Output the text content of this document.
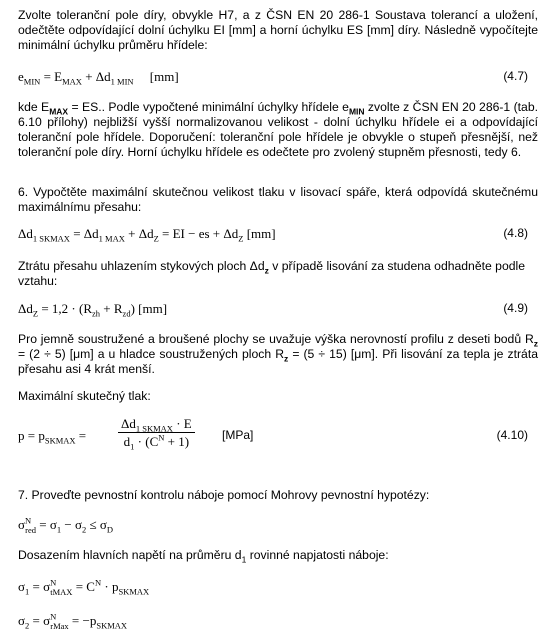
Zvolte toleranční pole díry, obvykle H7, a z ČSN EN 20 286-1 Soustava tolerancí a uložení, odečtěte odpovídající dolní úchylku EI [mm] a horní úchylku ES [mm] díry. Následně vypočítejte minimální úchylku průměru hřídele:
$e_{MIN} = E_{MAX} + \Delta d_{1 MIN}$ [mm]	(4.7)
kde $E_{MAX}$ = ES.. Podle vypočtené minimální úchylky hřídele $e_{MIN}$ zvolte z ČSN EN 20 286-1 (tab. 6.10 přílohy) nejbližší vyšší normalizovanou velikost - dolní úchylku hřídele ei a odpovídající toleranční pole hřídele. Doporučení: toleranční pole hřídele je obvykle o stupeň přesnější, než toleranční pole díry. Horní úchylku hřídele es odečtete pro zvolený stupněm přesnosti, tedy 6.
6. Vypočtěte maximální skutečnou velikost tlaku v lisovací spáře, která odpovídá skutečnému maximálnímu přesahu:
$\Delta d_{1 SKMAX} = \Delta d_{1 MAX} + \Delta d_Z$ = EI − es + $\Delta d_Z$ [mm]	(4.8)
Ztrátu přesahu uhlazením stykových ploch $\Delta d_z$ v případě lisování za studena odhadněte podle vztahu:
$\Delta d_Z = 1,2 \cdot (R_{zh} + R_{zd})$ [mm]	(4.9)
Pro jemně soustružené a broušené plochy se uvažuje výška nerovností profilu z deseti bodů $R_z = (2 \div 5)$ [μm] a u hladce soustružených ploch $R_z = (5 \div 15)$ [μm]. Při lisování za tepla je ztráta přesahu asi 4 krát menší.
Maximální skutečný tlak:
$p = p_{SKMAX}$ =
$\Delta d_{1 SKMAX} \cdot E$
$d_1 \cdot (C^N + 1)$	[MPa]	(4.10)
7. Proveďte pevnostní kontrolu náboje pomocí Mohrovy pevnostní hypotézy:
$\sigma^N_{red} = \sigma_1 - \sigma_2 \le \sigma_D$
Dosazením hlavních napětí na průměru $d_1$ rovinné napjatosti náboje:
$\sigma_1 = \sigma^N_{tMAX} = C^N \cdot p_{SKMAX}$
$\sigma_2 = \sigma^N_{rMax} = -p_{SKMAX}$
